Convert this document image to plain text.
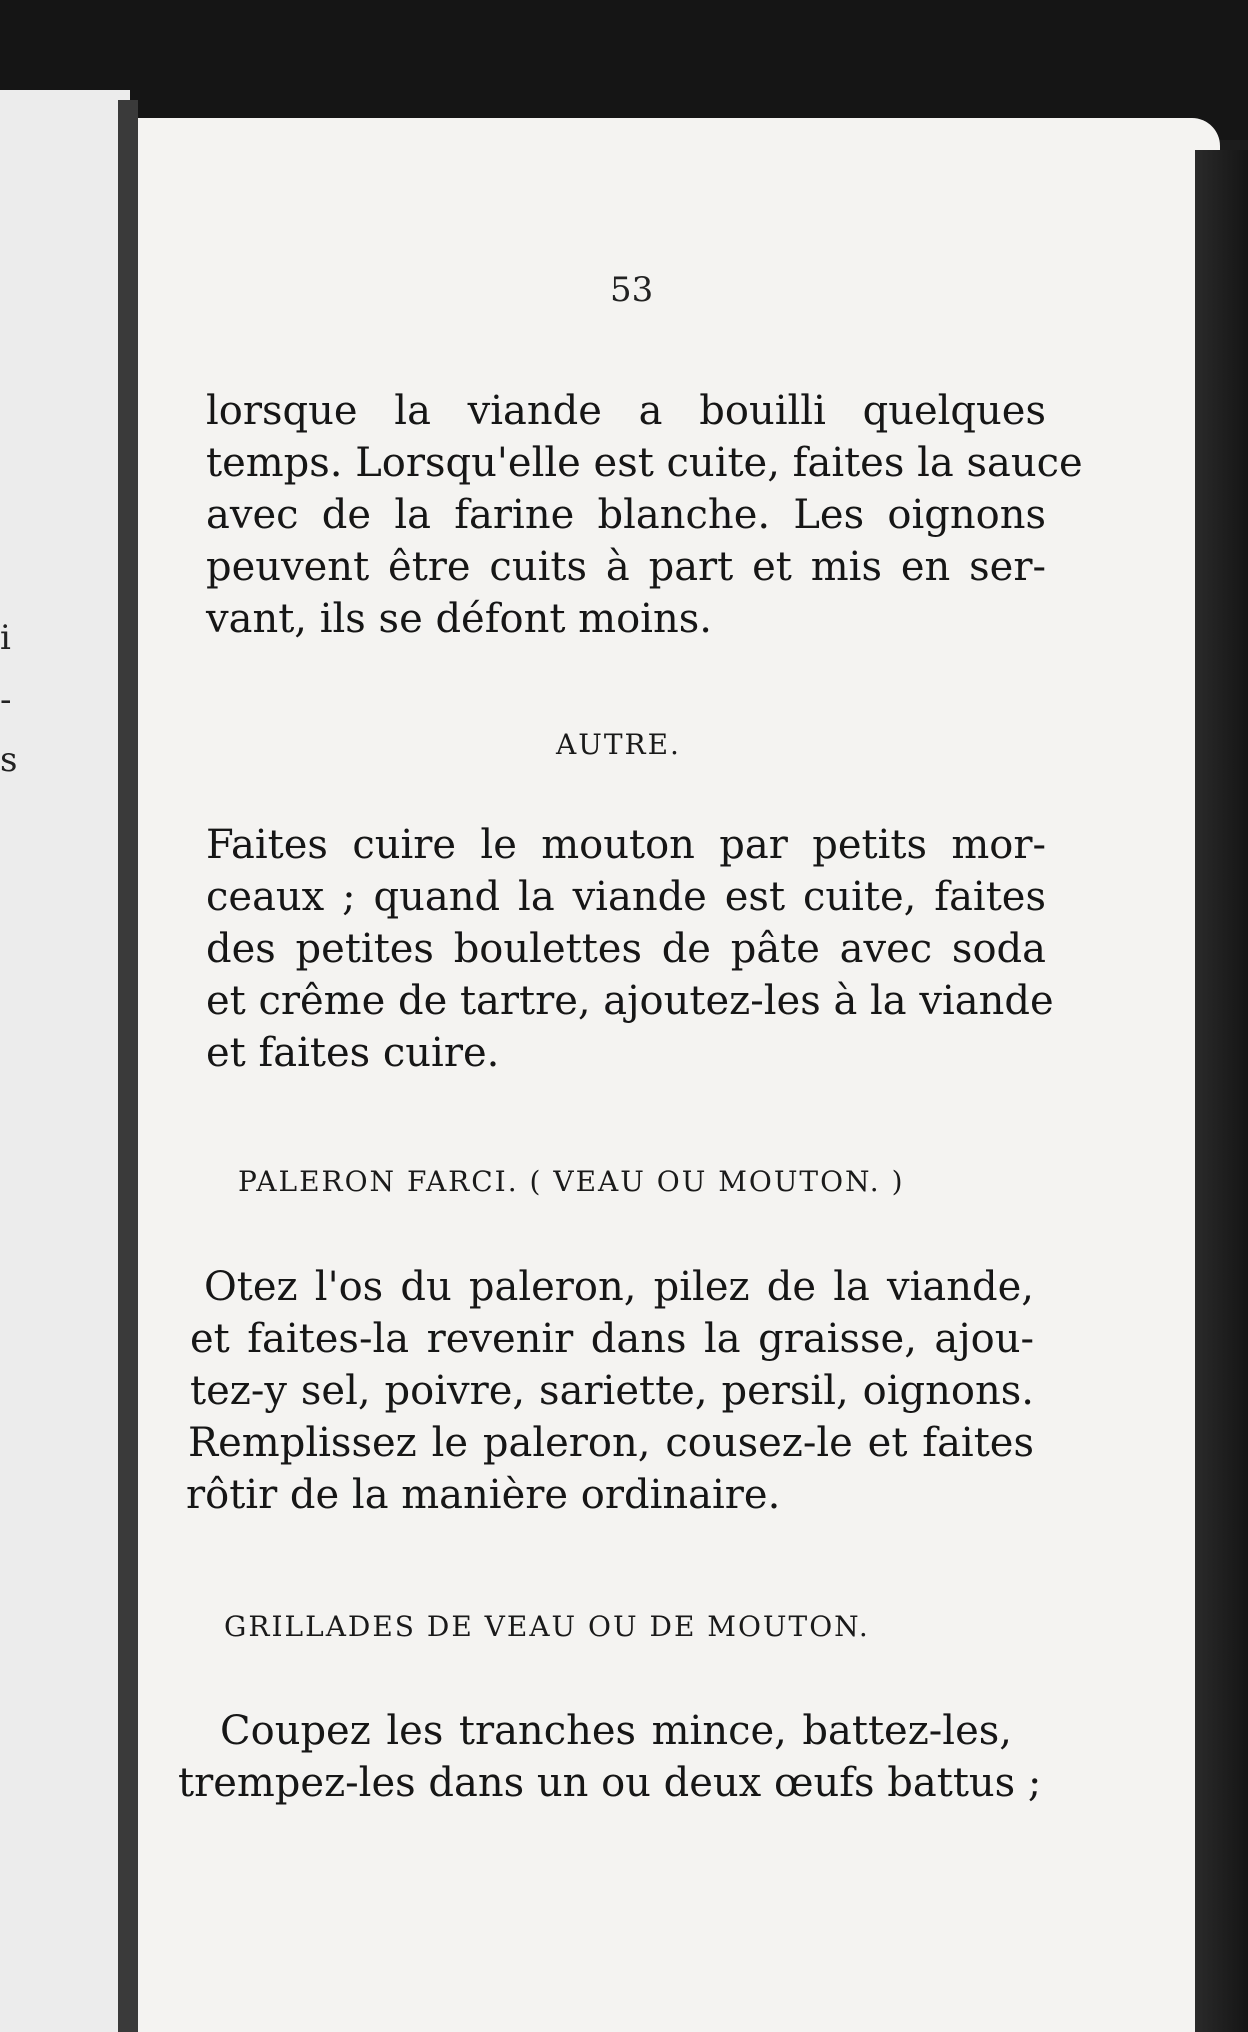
i
-
s
53
lorsque la viande a bouilli quelques
temps. Lorsqu'elle est cuite, faites la sauce
avec de la farine blanche. Les oignons
peuvent être cuits à part et mis en ser-
vant, ils se défont moins.
AUTRE.
Faites cuire le mouton par petits mor-
ceaux ; quand la viande est cuite, faites
des petites boulettes de pâte avec soda
et crême de tartre, ajoutez-les à la viande
et faites cuire.
PALERON FARCI. ( VEAU OU MOUTON. )
Otez l'os du paleron, pilez de la viande,
et faites-la revenir dans la graisse, ajou-
tez-y sel, poivre, sariette, persil, oignons.
Remplissez le paleron, cousez-le et faites
rôtir de la manière ordinaire.
GRILLADES DE VEAU OU DE MOUTON.
Coupez les tranches mince, battez-les,
trempez-les dans un ou deux œufs battus ;
